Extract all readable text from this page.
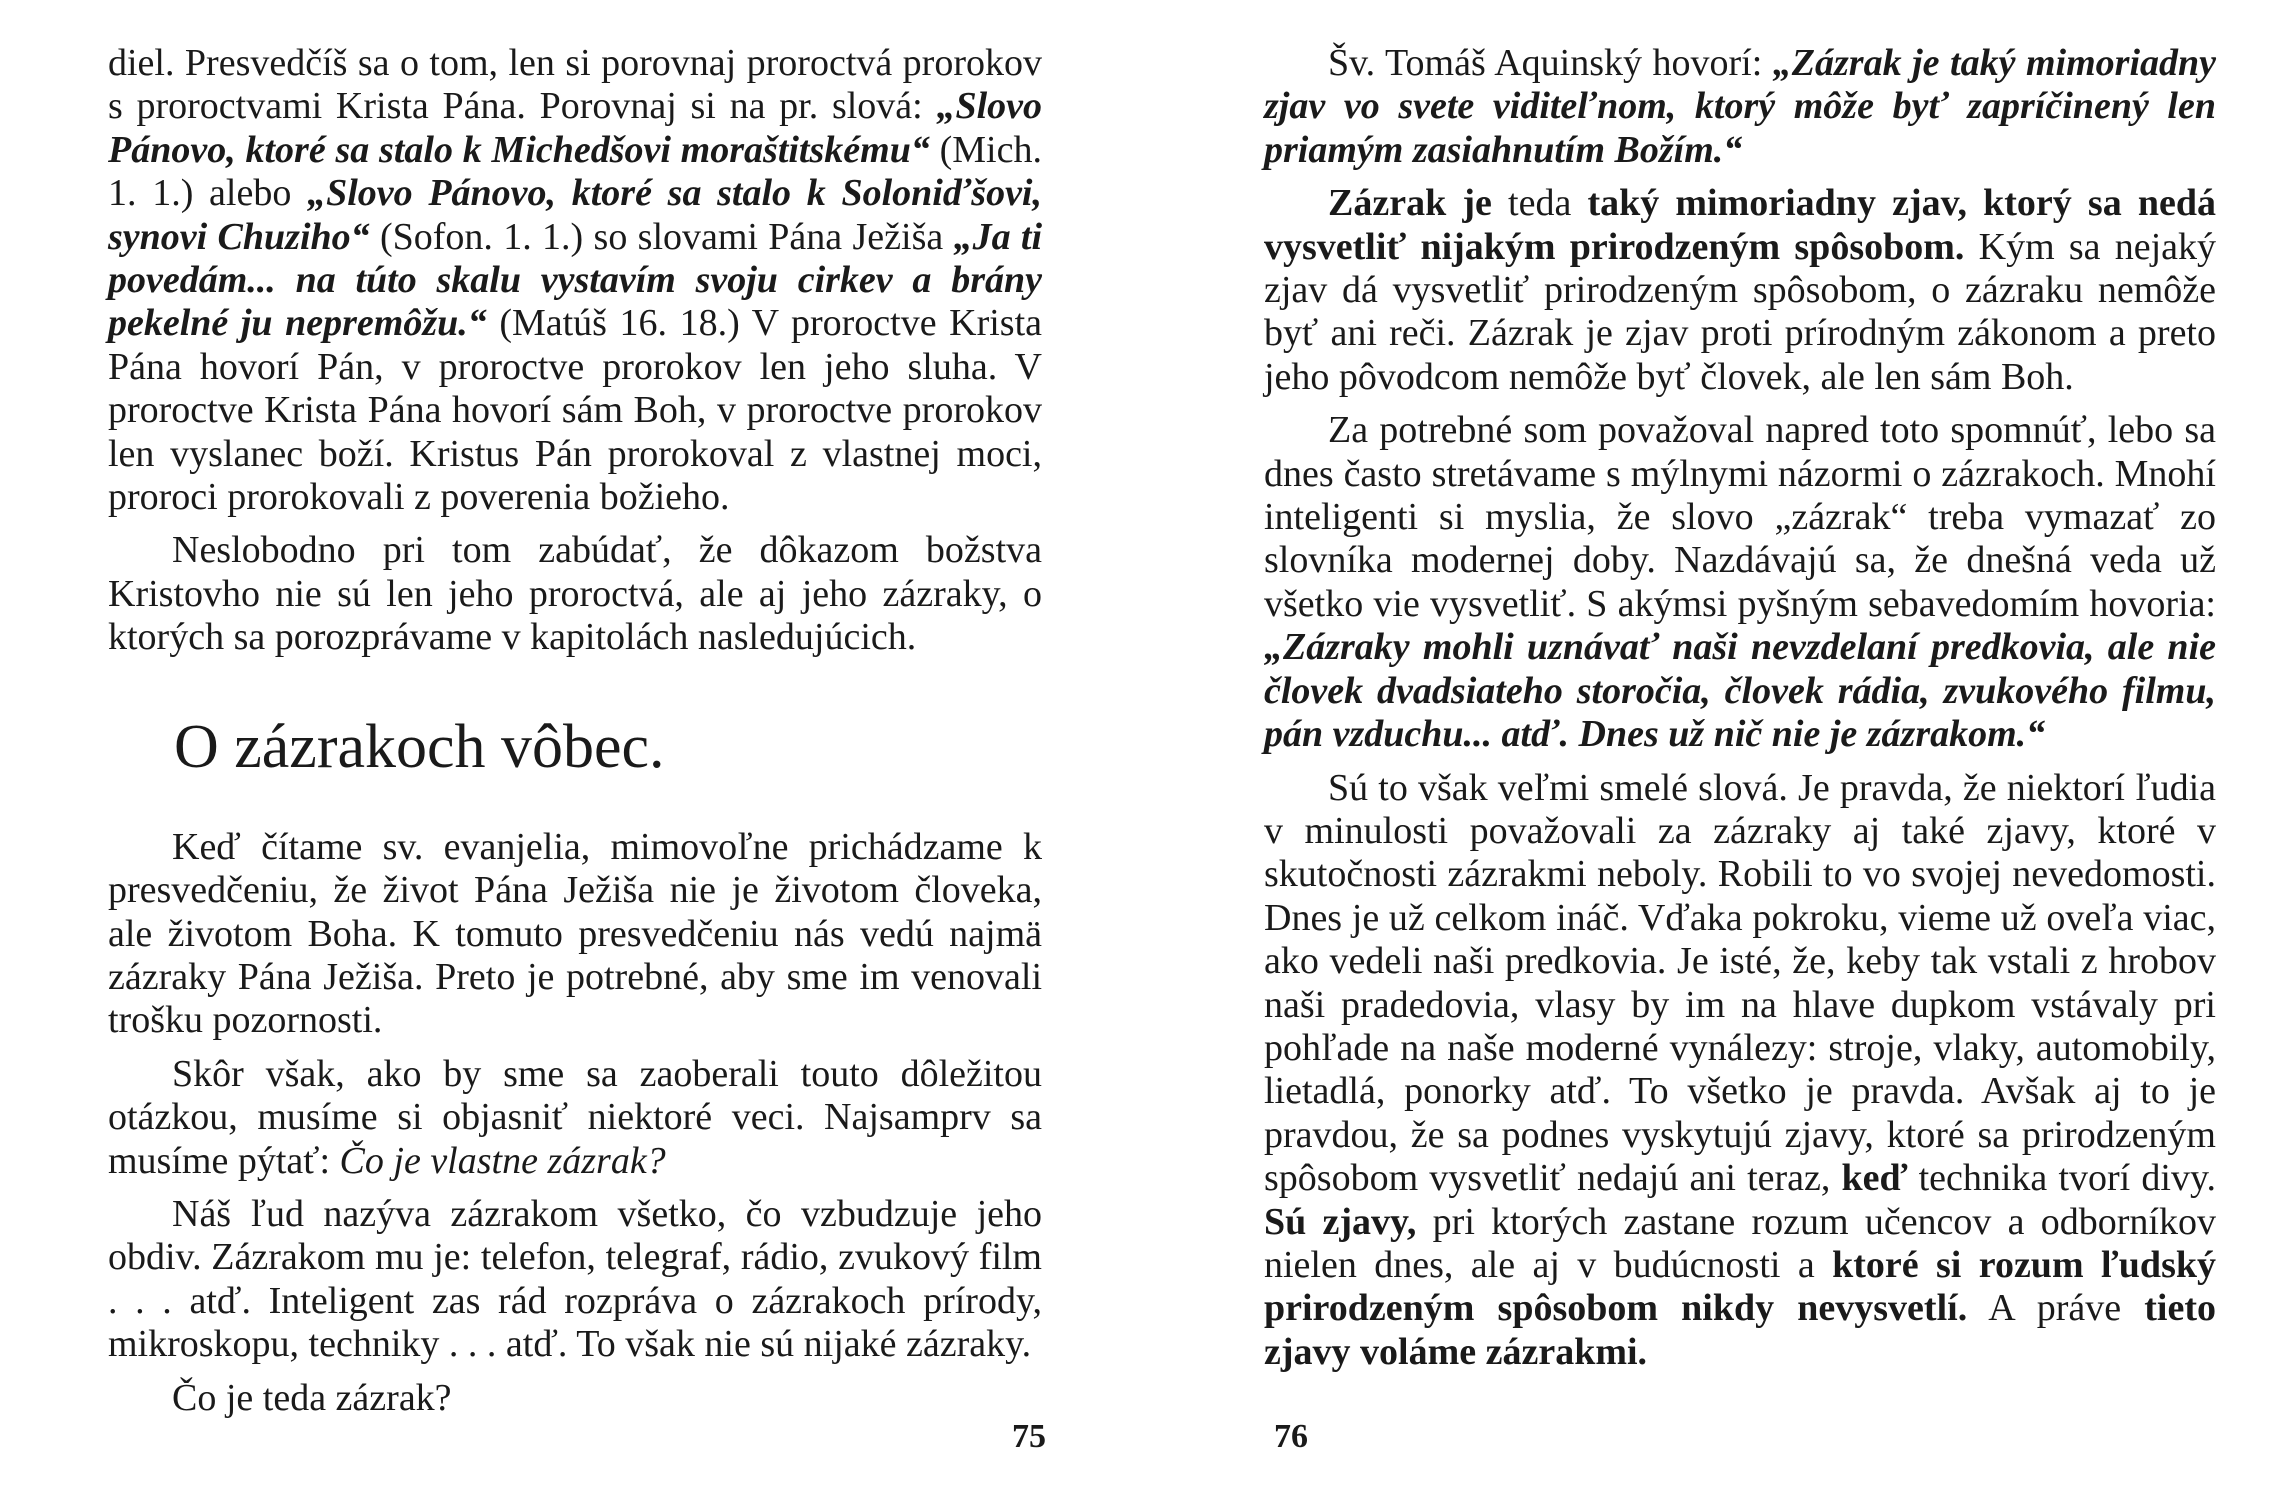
diel. Presvedčíš sa o tom, len si porovnaj proroctvá prorokov s proroctvami Krista Pána. Porovnaj si na pr. slová: „Slovo Pánovo, ktoré sa stalo k Michedšovi moraštitskému“ (Mich. 1. 1.) alebo „Slovo Pánovo, ktoré sa stalo k Soloniďšovi, synovi Chuziho“ (Sofon. 1. 1.) so slovami Pána Ježiša „Ja ti povedám... na túto skalu vystavím svoju cirkev a brány pekelné ju nepremôžu.“ (Matúš 16. 18.) V proroctve Krista Pána hovorí Pán, v proroctve prorokov len jeho sluha. V proroctve Krista Pána hovorí sám Boh, v proroctve prorokov len vyslanec boží. Kristus Pán prorokoval z vlastnej moci, proroci prorokovali z poverenia božieho.

Neslobodno pri tom zabúdať, že dôkazom božstva Kristovho nie sú len jeho proroctvá, ale aj jeho zázraky, o ktorých sa porozprávame v kapitolách nasledujúcich.

O zázrakoch vôbec.

Keď čítame sv. evanjelia, mimovoľne prichádzame k presvedčeniu, že život Pána Ježiša nie je životom človeka, ale životom Boha. K tomuto presvedčeniu nás vedú najmä zázraky Pána Ježiša. Preto je potrebné, aby sme im venovali trošku pozornosti.

Skôr však, ako by sme sa zaoberali touto dôležitou otázkou, musíme si objasniť niektoré veci. Najsamprv sa musíme pýtať: Čo je vlastne zázrak?

Náš ľud nazýva zázrakom všetko, čo vzbudzuje jeho obdiv. Zázrakom mu je: telefon, telegraf, rádio, zvukový film . . . atď. Inteligent zas rád rozpráva o zázrakoch prírody, mikroskopu, techniky . . . atď. To však nie sú nijaké zázraky.

Čo je teda zázrak?

75

Šv. Tomáš Aquinský hovorí: „Zázrak je taký mimoriadny zjav vo svete viditeľnom, ktorý môže byť zapríčinený len priamým zasiahnutím Božím.“

Zázrak je teda taký mimoriadny zjav, ktorý sa nedá vysvetliť nijakým prirodzeným spôsobom. Kým sa nejaký zjav dá vysvetliť prirodzeným spôsobom, o zázraku nemôže byť ani reči. Zázrak je zjav proti prírodným zákonom a preto jeho pôvodcom nemôže byť človek, ale len sám Boh.

Za potrebné som považoval napred toto spomnúť, lebo sa dnes často stretávame s mýlnymi názormi o zázrakoch. Mnohí inteligenti si myslia, že slovo „zázrak“ treba vymazať zo slovníka modernej doby. Nazdávajú sa, že dnešná veda už všetko vie vysvetliť. S akýmsi pyšným sebavedomím hovoria: „Zázraky mohli uznávať naši nevzdelaní predkovia, ale nie človek dvadsiateho storočia, človek rádia, zvukového filmu, pán vzduchu... atď. Dnes už nič nie je zázrakom.“

Sú to však veľmi smelé slová. Je pravda, že niektorí ľudia v minulosti považovali za zázraky aj také zjavy, ktoré v skutočnosti zázrakmi neboly. Robili to vo svojej nevedomosti. Dnes je už celkom ináč. Vďaka pokroku, vieme už oveľa viac, ako vedeli naši predkovia. Je isté, že, keby tak vstali z hrobov naši pradedovia, vlasy by im na hlave dupkom vstávaly pri pohľade na naše moderné vynálezy: stroje, vlaky, automobily, lietadlá, ponorky atď. To všetko je pravda. Avšak aj to je pravdou, že sa podnes vyskytujú zjavy, ktoré sa prirodzeným spôsobom vysvetliť nedajú ani teraz, keď technika tvorí divy. Sú zjavy, pri ktorých zastane rozum učencov a odborníkov nielen dnes, ale aj v budúcnosti a ktoré si rozum ľudský prirodzeným spôsobom nikdy nevysvetlí. A práve tieto zjavy voláme zázrakmi.

76
